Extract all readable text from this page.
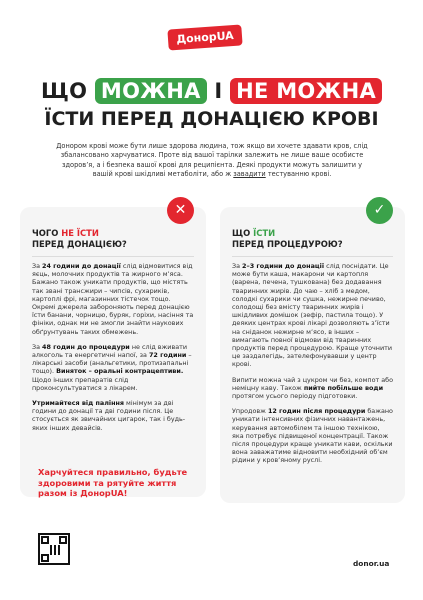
ДонорUA
ЩО МОЖНА І НЕ МОЖНА
ЇСТИ ПЕРЕД ДОНАЦІЄЮ КРОВІ
Донором крові може бути лише здорова людина, тож якщо ви хочете здавати кров, слід збалансовано харчуватися. Проте від вашої тарілки залежить не лише ваше особисте здоров’я, а і безпека вашої крові для реципієнта. Деякі продукти можуть залишити у вашій крові шкідливі метаболіти, або ж завадити тестуванню крові.
✕
ЧОГО НЕ ЇСТИ
ПЕРЕД ДОНАЦІЄЮ?

За 24 години до донації слід відмовитися від яєць, молочних продуктів та жирного м’яса. Бажано також уникати продуктів, що містять так звані трансжири – чипсів, сухариків, картоплі фрі, магазинних тістечок тощо. Окремі джерела забороняють перед донацією їсти банани, чорницю, буряк, горіхи, насіння та фініки, однак ми не змогли знайти наукових обґрунтувань таких обмежень.

За 48 годин до процедури не слід вживати алкоголь та енергетичні напої, за 72 години – лікарські засоби (анальгетики, протизапальні тощо). Виняток – оральні контрацептиви. Щодо інших препаратів слід проконсультуватися з лікарем.

Утримайтеся від паління мінімум за дві години до донації та дві години після. Це стосується як звичайних цигарок, так і будь-яких інших девайсів.

✓
ЩО ЇСТИ
ПЕРЕД ПРОЦЕДУРОЮ?

За 2–3 години до донації слід поснідати. Це може бути каша, макарони чи картопля (варена, печена, тушкована) без додавання тваринних жирів. До чаю – хліб з медом, солодкі сухарики чи сушка, нежирне печиво, солодощі без вмісту тваринних жирів і шкідливих домішок (зефір, пастила тощо). У деяких центрах крові лікарі дозволяють з’їсти на сніданок нежирне м’ясо, в інших – вимагають повної відмови від тваринних продуктів перед процедурою. Краще уточнити це заздалегідь, зателефонувавши у центр крові.

Випити можна чай з цукром чи без, компот або неміцну каву. Також пийте побільше води протягом усього періоду підготовки.

Упродовж 12 годин після процедури бажано уникати інтенсивних фізичних навантажень, керування автомобілем та іншою технікою, яка потребує підвищеної концентрації. Також після процедури краще уникати кави, оскільки вона заважатиме відновити необхідний об’єм рідини у кров’яному руслі.

Харчуйтеся правильно, будьте здоровими та рятуйте життя разом із ДонорUA!
donor.ua
